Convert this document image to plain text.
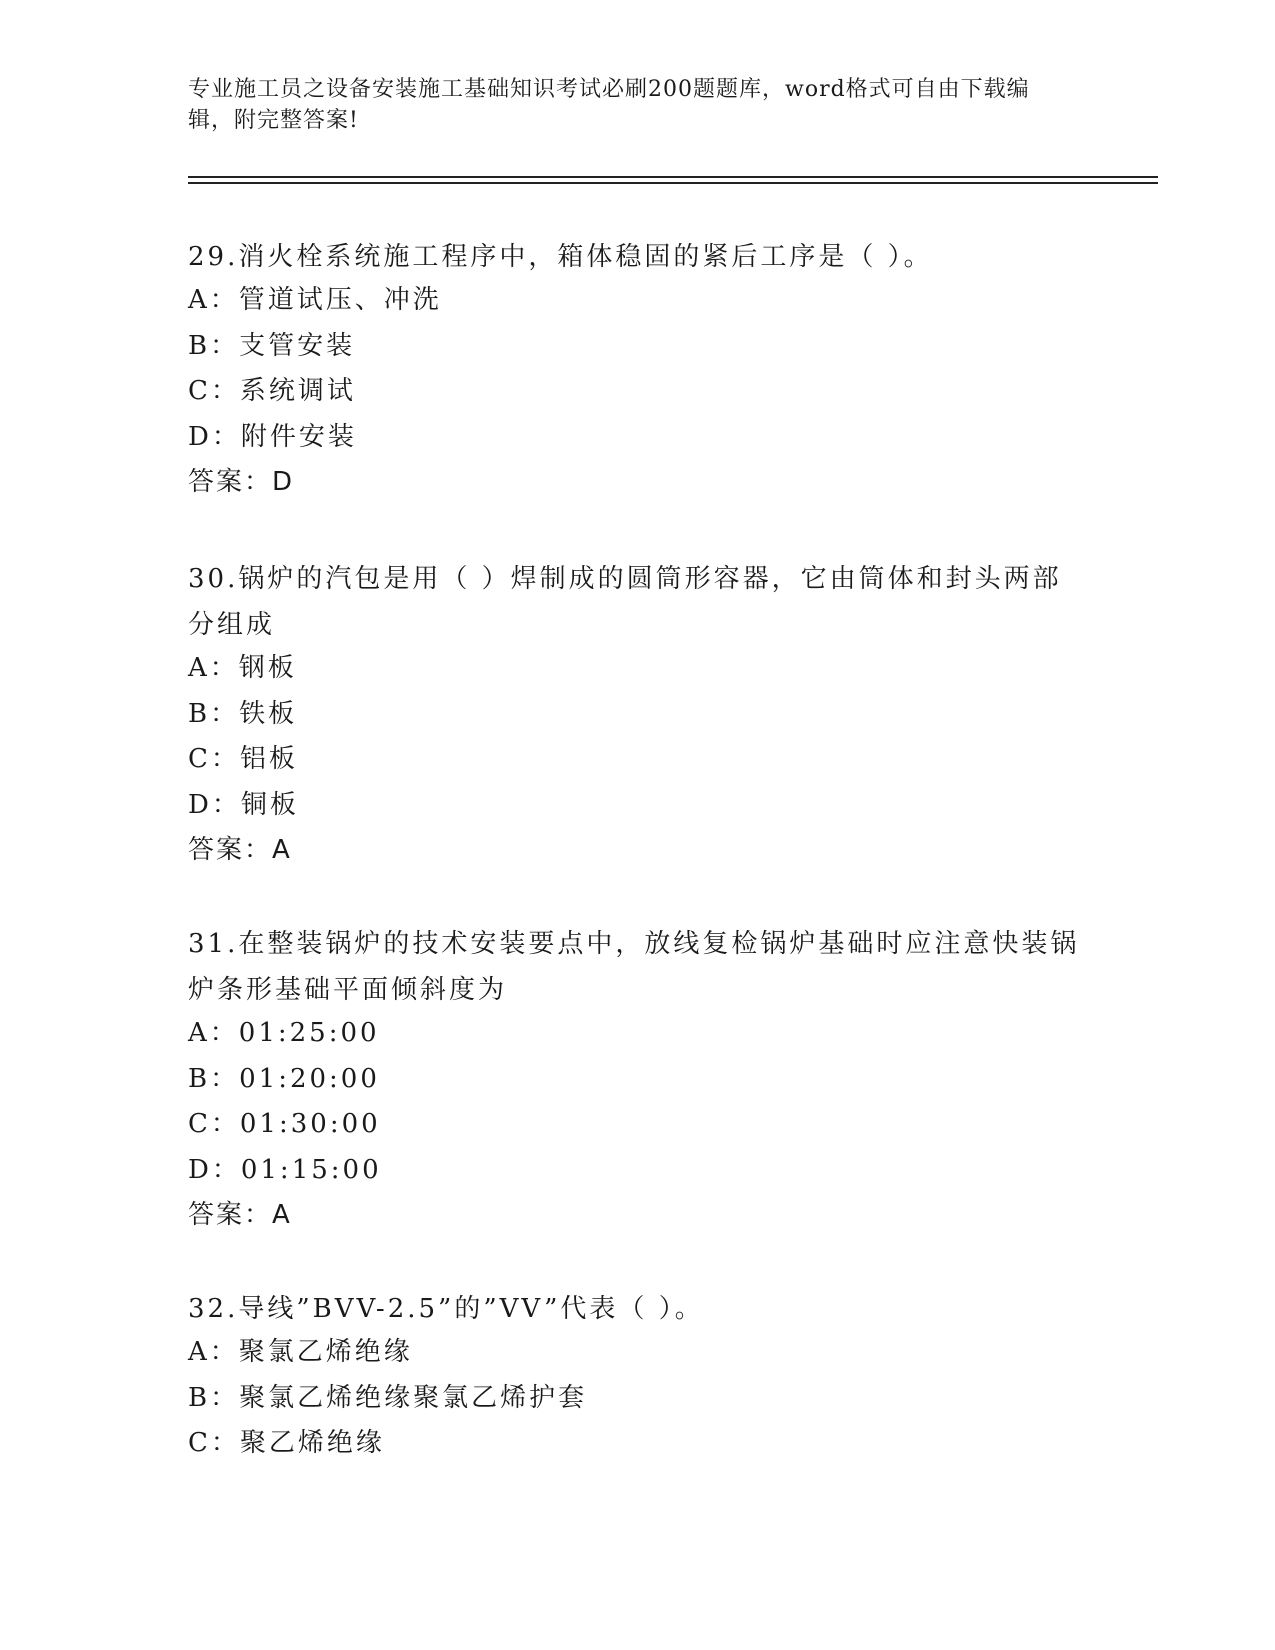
专业施工员之设备安装施工基础知识考试必刷200题题库，word格式可自由下载编辑，附完整答案!
29.消火栓系统施工程序中，箱体稳固的紧后工序是（ ）。
A：管道试压、冲洗
B：支管安装
C：系统调试
D：附件安装
答案：D
30.锅炉的汽包是用（ ）焊制成的圆筒形容器，它由筒体和封头两部分组成
A：钢板
B：铁板
C：铝板
D：铜板
答案：A
31.在整装锅炉的技术安装要点中，放线复检锅炉基础时应注意快装锅炉条形基础平面倾斜度为
A：01:25:00
B：01:20:00
C：01:30:00
D：01:15:00
答案：A
32.导线”BVV-2.5”的”VV”代表（ ）。
A：聚氯乙烯绝缘
B：聚氯乙烯绝缘聚氯乙烯护套
C：聚乙烯绝缘
